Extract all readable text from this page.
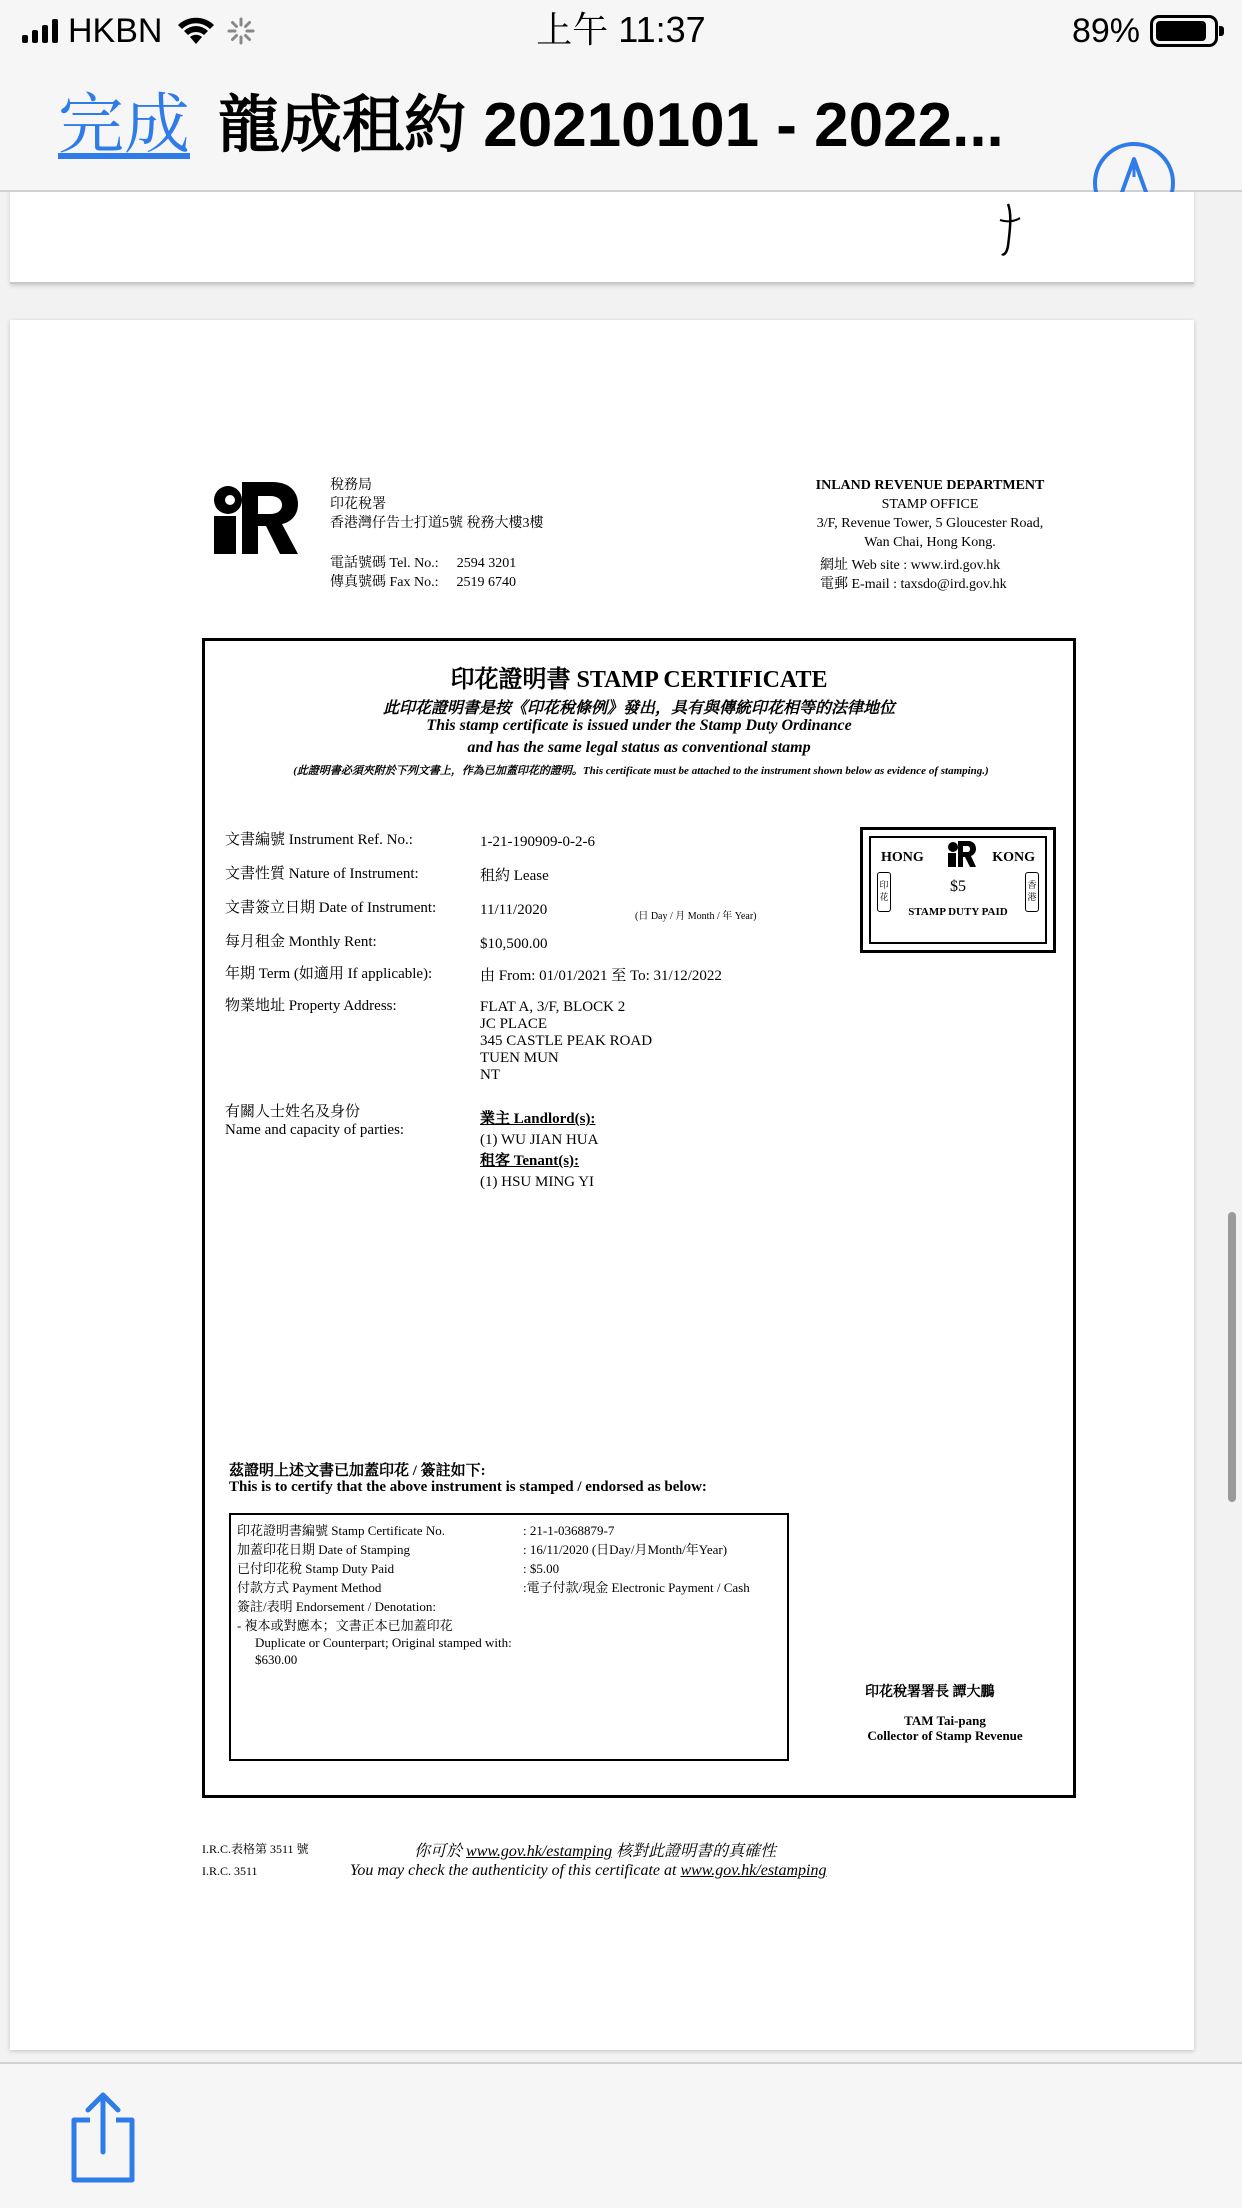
HKBN	上午 11:37	89%
完成 龍成租約 20210101 - 2022...
稅務局
印花稅署
香港灣仔告士打道5號 稅務大樓3樓
電話號碼 Tel. No.: 2594 3201
傳真號碼 Fax No.: 2519 6740
INLAND REVENUE DEPARTMENT
STAMP OFFICE
3/F, Revenue Tower, 5 Gloucester Road,
Wan Chai, Hong Kong.
網址 Web site : www.ird.gov.hk
電郵 E-mail : taxsdo@ird.gov.hk
印花證明書 STAMP CERTIFICATE
此印花證明書是按《印花稅條例》發出，具有與傳統印花相等的法律地位
This stamp certificate is issued under the Stamp Duty Ordinance
and has the same legal status as conventional stamp
(此證明書必須夾附於下列文書上，作為已加蓋印花的證明。This certificate must be attached to the instrument shown below as evidence of stamping.)
文書編號 Instrument Ref. No.:	1-21-190909-0-2-6
文書性質 Nature of Instrument:	租約 Lease
文書簽立日期 Date of Instrument:	11/11/2020	(日 Day / 月 Month / 年 Year)
每月租金 Monthly Rent:	$10,500.00
年期 Term (如適用 If applicable):	由 From: 01/01/2021 至 To: 31/12/2022
物業地址 Property Address:	FLAT A, 3/F, BLOCK 2
JC PLACE
345 CASTLE PEAK ROAD
TUEN MUN
NT
有關人士姓名及身份
Name and capacity of parties:
業主 Landlord(s):
(1) WU JIAN HUA
租客 Tenant(s):
(1) HSU MING YI
HONG	KONG
印花
香港
$5
STAMP DUTY PAID
茲證明上述文書已加蓋印花 / 簽註如下:
This is to certify that the above instrument is stamped / endorsed as below:
印花證明書編號 Stamp Certificate No.	: 21-1-0368879-7
加蓋印花日期 Date of Stamping	: 16/11/2020 (日Day/月Month/年Year)
已付印花稅 Stamp Duty Paid	: $5.00
付款方式 Payment Method	:電子付款/現金 Electronic Payment / Cash
簽註/表明 Endorsement / Denotation:
- 複本或對應本；文書正本已加蓋印花
Duplicate or Counterpart; Original stamped with:
$630.00
印花稅署署長 譚大鵬
TAM Tai-pang
Collector of Stamp Revenue
I.R.C.表格第 3511 號
I.R.C. 3511
你可於 www.gov.hk/estamping 核對此證明書的真確性
You may check the authenticity of this certificate at www.gov.hk/estamping
